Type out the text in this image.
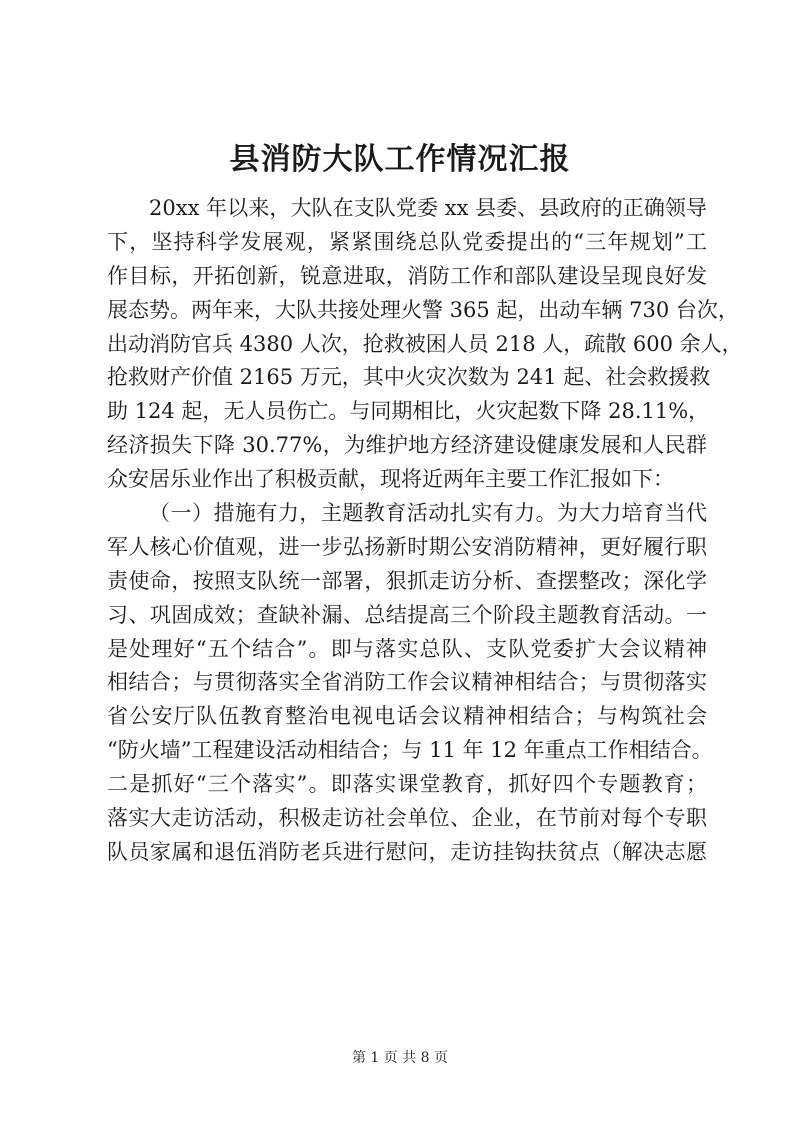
县消防大队工作情况汇报
20xx 年以来，大队在支队党委 xx 县委、县政府的正确领导
下，坚持科学发展观，紧紧围绕总队党委提出的“三年规划”工
作目标，开拓创新，锐意进取，消防工作和部队建设呈现良好发
展态势。两年来，大队共接处理火警 365 起，出动车辆 730 台次，
出动消防官兵 4380 人次，抢救被困人员 218 人，疏散 600 余人，
抢救财产价值 2165 万元，其中火灾次数为 241 起、社会救援救
助 124 起，无人员伤亡。与同期相比，火灾起数下降 28.11%，
经济损失下降 30.77%，为维护地方经济建设健康发展和人民群
众安居乐业作出了积极贡献，现将近两年主要工作汇报如下：
（一）措施有力，主题教育活动扎实有力。为大力培育当代
军人核心价值观，进一步弘扬新时期公安消防精神，更好履行职
责使命，按照支队统一部署，狠抓走访分析、查摆整改；深化学
习、巩固成效；查缺补漏、总结提高三个阶段主题教育活动。一
是处理好“五个结合”。即与落实总队、支队党委扩大会议精神
相结合；与贯彻落实全省消防工作会议精神相结合；与贯彻落实
省公安厅队伍教育整治电视电话会议精神相结合；与构筑社会
“防火墙”工程建设活动相结合；与 11 年 12 年重点工作相结合。
二是抓好“三个落实”。即落实课堂教育，抓好四个专题教育；
落实大走访活动，积极走访社会单位、企业，在节前对每个专职
队员家属和退伍消防老兵进行慰问，走访挂钩扶贫点（解决志愿
第 1 页 共 8 页
